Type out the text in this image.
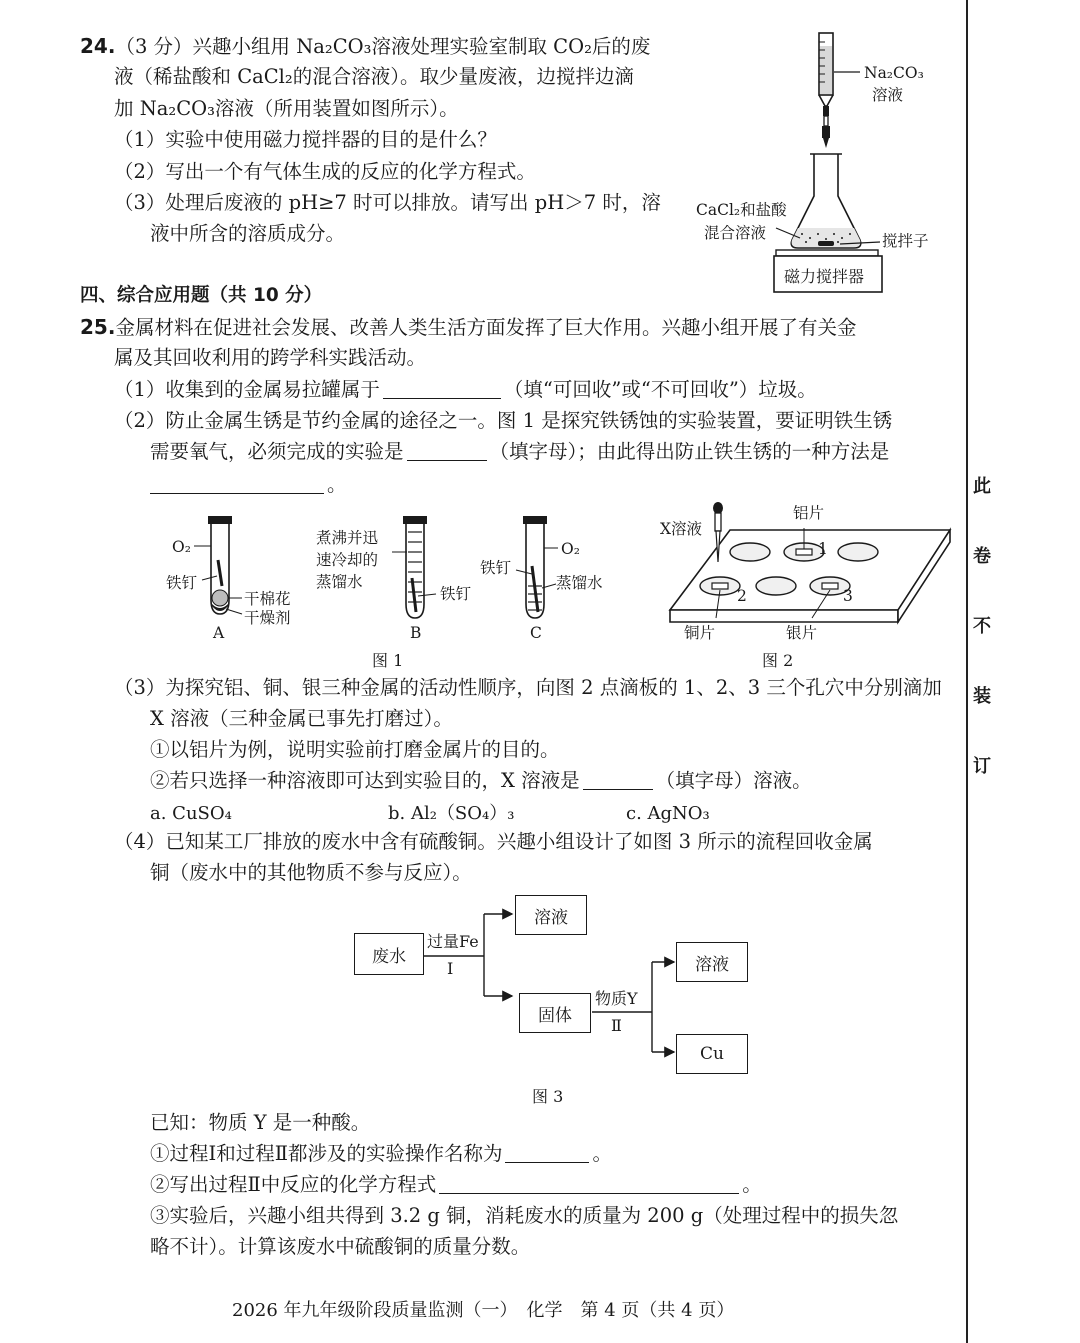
此
卷
不
装
订
24.（3 分）兴趣小组用 Na₂CO₃溶液处理实验室制取 CO₂后的废
液（稀盐酸和 CaCl₂的混合溶液）。取少量废液，边搅拌边滴
加 Na₂CO₃溶液（所用装置如图所示）。
（1）实验中使用磁力搅拌器的目的是什么？
（2）写出一个有气体生成的反应的化学方程式。
（3）处理后废液的 pH≥7 时可以排放。请写出 pH＞7 时，溶
液中所含的溶质成分。
Na₂CO₃
溶液
CaCl₂和盐酸
混合溶液	搅拌子
磁力搅拌器
四、综合应用题（共 10 分）
25.金属材料在促进社会发展、改善人类生活方面发挥了巨大作用。兴趣小组开展了有关金
属及其回收利用的跨学科实践活动。
（1）收集到的金属易拉罐属于	（填“可回收”或“不可回收”）垃圾。
（2）防止金属生锈是节约金属的途径之一。图 1 是探究铁锈蚀的实验装置，要证明铁生锈
需要氧气，必须完成的实验是	（填字母）；由此得出防止铁生锈的一种方法是
。
O₂
铁钉
干棉花
干燥剂
A
煮沸并迅
速冷却的
蒸馏水
铁钉
B
铁钉
O₂
蒸馏水
C
图 1
X溶液
铝片
1
2	3
铜片	银片
图 2
（3）为探究铝、铜、银三种金属的活动性顺序，向图 2 点滴板的 1、2、3 三个孔穴中分别滴加
X 溶液（三种金属已事先打磨过）。
①以铝片为例，说明实验前打磨金属片的目的。
②若只选择一种溶液即可达到实验目的，X 溶液是	（填字母）溶液。
a. CuSO₄	b. Al₂（SO₄）₃	c. AgNO₃
（4）已知某工厂排放的废水中含有硫酸铜。兴趣小组设计了如图 3 所示的流程回收金属
铜（废水中的其他物质不参与反应）。
废水
过量Fe
Ⅰ
溶液
固体
物质Y
Ⅱ
溶液
Cu
图 3
已知：物质 Y 是一种酸。
①过程Ⅰ和过程Ⅱ都涉及的实验操作名称为	。
②写出过程Ⅱ中反应的化学方程式	。
③实验后，兴趣小组共得到 3.2 g 铜，消耗废水的质量为 200 g（处理过程中的损失忽
略不计）。计算该废水中硫酸铜的质量分数。
2026 年九年级阶段质量监测（一）　化学　第 4 页（共 4 页）
